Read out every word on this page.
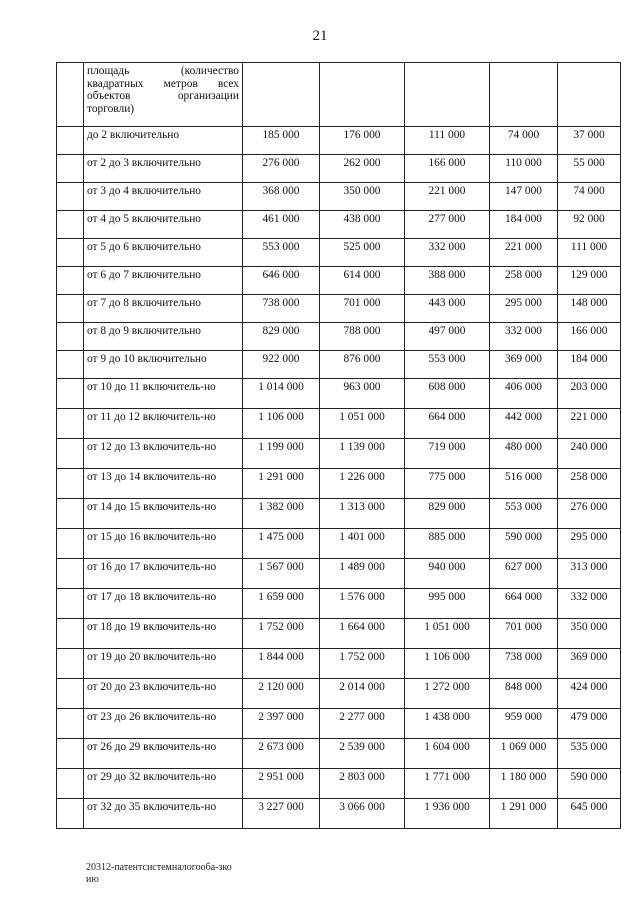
21

	площадь (количество квадратных метров всех объектов организации торговли)					

	до 2 включительно	185 000	176 000	111 000	74 000	37 000
	от 2 до 3 включительно	276 000	262 000	166 000	110 000	55 000
	от 3 до 4 включительно	368 000	350 000	221 000	147 000	74 000
	от 4 до 5 включительно	461 000	438 000	277 000	184 000	92 000
	от 5 до 6 включительно	553 000	525 000	332 000	221 000	111 000
	от 6 до 7 включительно	646 000	614 000	388 000	258 000	129 000
	от 7 до 8 включительно	738 000	701 000	443 000	295 000	148 000
	от 8 до 9 включительно	829 000	788 000	497 000	332 000	166 000
	от 9 до 10 включительно	922 000	876 000	553 000	369 000	184 000
	от 10 до 11 включитель-но	1 014 000	963 000	608 000	406 000	203 000
	от 11 до 12 включитель-но	1 106 000	1 051 000	664 000	442 000	221 000
	от 12 до 13 включитель-но	1 199 000	1 139 000	719 000	480 000	240 000
	от 13 до 14 включитель-но	1 291 000	1 226 000	775 000	516 000	258 000
	от 14 до 15 включитель-но	1 382 000	1 313 000	829 000	553 000	276 000
	от 15 до 16 включитель-но	1 475 000	1 401 000	885 000	590 000	295 000
	от 16 до 17 включитель-но	1 567 000	1 489 000	940 000	627 000	313 000
	от 17 до 18 включитель-но	1 659 000	1 576 000	995 000	664 000	332 000
	от 18 до 19 включитель-но	1 752 000	1 664 000	1 051 000	701 000	350 000
	от 19 до 20 включитель-но	1 844 000	1 752 000	1 106 000	738 000	369 000
	от 20 до 23 включитель-но	2 120 000	2 014 000	1 272 000	848 000	424 000
	от 23 до 26 включитель-но	2 397 000	2 277 000	1 438 000	959 000	479 000
	от 26 до 29 включитель-но	2 673 000	2 539 000	1 604 000	1 069 000	535 000
	от 29 до 32 включитель-но	2 951 000	2 803 000	1 771 000	1 180 000	590 000
	от 32 до 35 включитель-но	3 227 000	3 066 000	1 936 000	1 291 000	645 000
20312-патентсистемналогооба-зко
ию
